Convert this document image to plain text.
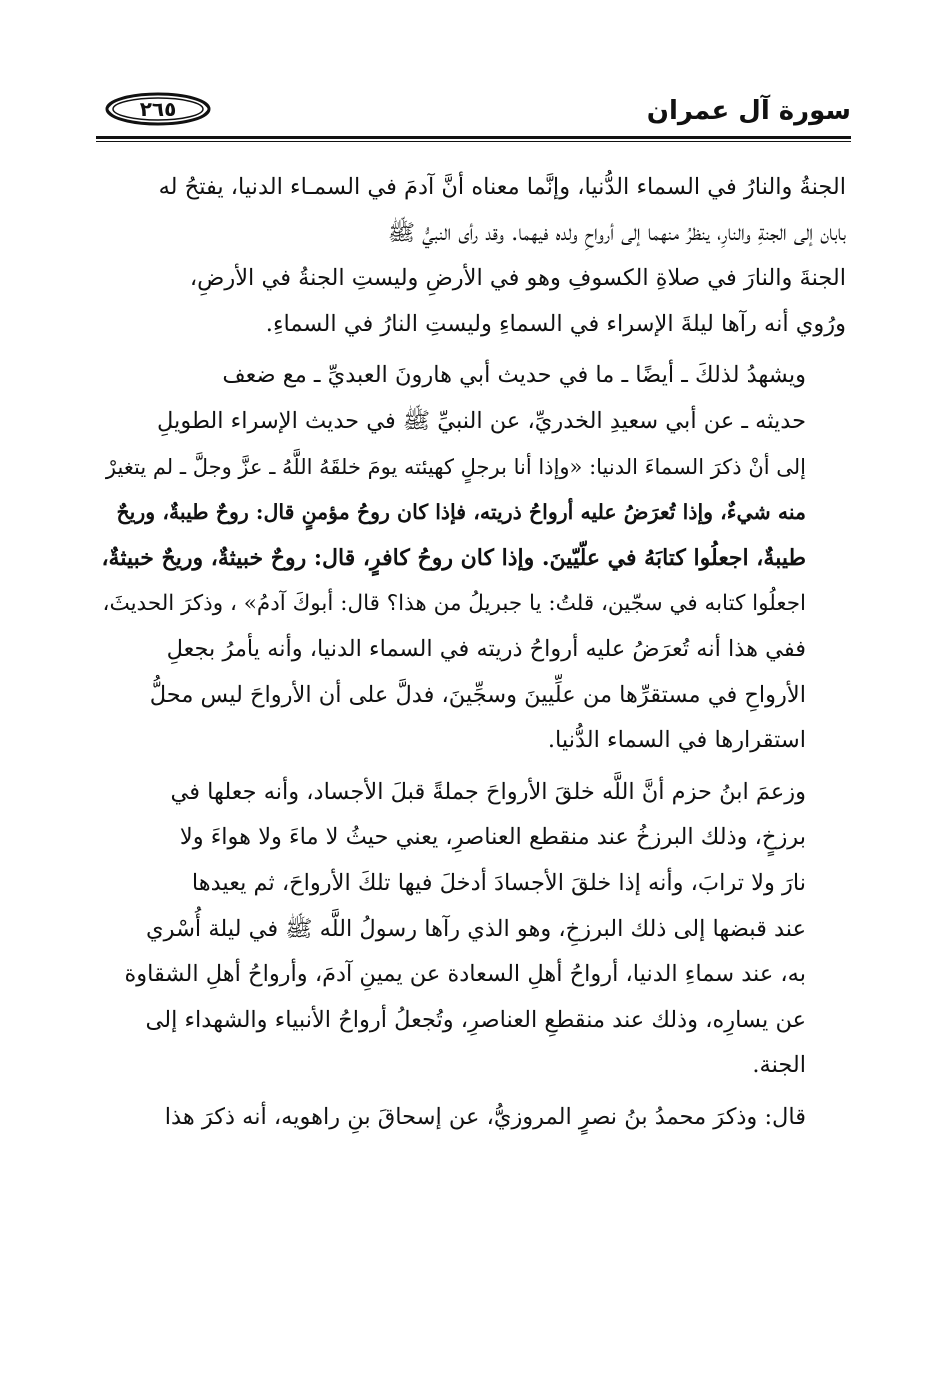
سورة آل عمران
٢٦٥

الجنةُ والنارُ في السماء الدُّنيا، وإنَّما معناه أنَّ آدمَ في السمـاء الدنيا، يفتحُ له
بابان إلى الجنةِ والنارِ، ينظرُ منهما إلى أرواحِ ولده فيهما. وقد رأى النبيُّ ﷺ
الجنةَ والنارَ في صلاةِ الكسوفِ وهو في الأرضِ وليستِ الجنةُ في الأرضِ،
ورُوي أنه رآها ليلةَ الإسراء في السماءِ وليستِ النارُ في السماءِ.

ويشهدُ لذلكَ ـ أيضًا ـ ما في حديث أبي هارونَ العبديِّ ـ مع ضعف
حديثه ـ عن أبي سعيدِ الخدريِّ، عن النبيِّ ﷺ في حديث الإسراء الطويلِ
إلى أنْ ذكرَ السماءَ الدنيا: «وإذا أنا برجلٍ كهيئته يومَ خلقَهُ اللَّهُ ـ عزَّ وجلَّ ـ لم يتغيرْ
منه شيءٌ، وإذا تُعرَضُ عليه أرواحُ ذريته، فإذا كان روحُ مؤمنٍ قال: روحٌ طيبةٌ، وريحٌ
طيبةٌ، اجعلُوا كتابَهُ في علّيّينَ. وإذا كان روحُ كافرٍ، قال: روحٌ خبيثةٌ، وريحٌ خبيثةٌ،
اجعلُوا كتابه في سجّين، قلتُ: يا جبريلُ من هذا؟ قال: أبوكَ آدمُ» ، وذكرَ الحديثَ،
ففي هذا أنه تُعرَضُ عليه أرواحُ ذريته في السماء الدنيا، وأنه يأمرُ بجعلِ
الأرواحِ في مستقرِّها من علِّيينَ وسجِّينَ، فدلَّ على أن الأرواحَ ليس محلُّ
استقرارها في السماء الدُّنيا.

وزعمَ ابنُ حزم أنَّ اللَّه خلقَ الأرواحَ جملةً قبلَ الأجساد، وأنه جعلها في
برزخٍ، وذلك البرزخُ عند منقطع العناصرِ، يعني حيثُ لا ماءَ ولا هواءَ ولا
نارَ ولا ترابَ، وأنه إذا خلقَ الأجسادَ أدخلَ فيها تلكَ الأرواحَ، ثم يعيدها
عند قبضها إلى ذلك البرزخِ، وهو الذي رآها رسولُ اللَّه ﷺ في ليلة أُسْري
به، عند سماءِ الدنيا، أرواحُ أهلِ السعادة عن يمينِ آدمَ، وأرواحُ أهلِ الشقاوة
عن يسارِه، وذلك عند منقطعِ العناصرِ، وتُجعلُ أرواحُ الأنبياء والشهداء إلى
الجنة.

قال: وذكرَ محمدُ بنُ نصرٍ المروزيُّ، عن إسحاقَ بنِ راهويه، أنه ذكرَ هذا
